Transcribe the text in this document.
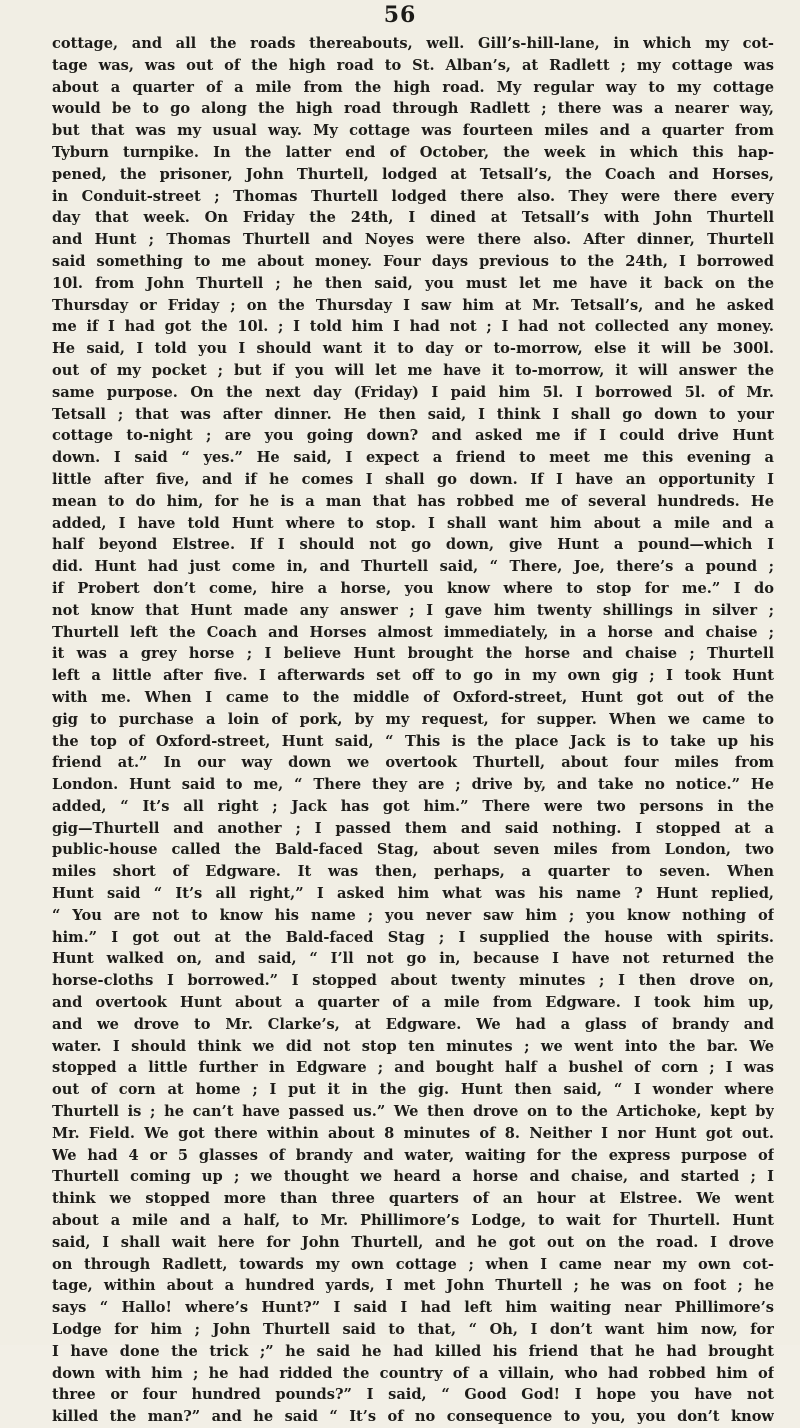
56
cottage, and all the roads thereabouts, well. Gill’s-hill-lane, in which my cot-
tage was, was out of the high road to St. Alban’s, at Radlett ; my cottage was
about a quarter of a mile from the high road. My regular way to my cottage
would be to go along the high road through Radlett ; there was a nearer way,
but that was my usual way. My cottage was fourteen miles and a quarter from
Tyburn turnpike. In the latter end of October, the week in which this hap-
pened, the prisoner, John Thurtell, lodged at Tetsall’s, the Coach and Horses,
in Conduit-street ; Thomas Thurtell lodged there also. They were there every
day that week. On Friday the 24th, I dined at Tetsall’s with John Thurtell
and Hunt ; Thomas Thurtell and Noyes were there also. After dinner, Thurtell
said something to me about money. Four days previous to the 24th, I borrowed
10l. from John Thurtell ; he then said, you must let me have it back on the
Thursday or Friday ; on the Thursday I saw him at Mr. Tetsall’s, and he asked
me if I had got the 10l. ; I told him I had not ; I had not collected any money.
He said, I told you I should want it to day or to-morrow, else it will be 300l.
out of my pocket ; but if you will let me have it to-morrow, it will answer the
same purpose. On the next day (Friday) I paid him 5l. I borrowed 5l. of Mr.
Tetsall ; that was after dinner. He then said, I think I shall go down to your
cottage to-night ; are you going down? and asked me if I could drive Hunt
down. I said “ yes.” He said, I expect a friend to meet me this evening a
little after five, and if he comes I shall go down. If I have an opportunity I
mean to do him, for he is a man that has robbed me of several hundreds. He
added, I have told Hunt where to stop. I shall want him about a mile and a
half beyond Elstree. If I should not go down, give Hunt a pound—which I
did. Hunt had just come in, and Thurtell said, “ There, Joe, there’s a pound ;
if Probert don’t come, hire a horse, you know where to stop for me.” I do
not know that Hunt made any answer ; I gave him twenty shillings in silver ;
Thurtell left the Coach and Horses almost immediately, in a horse and chaise ;
it was a grey horse ; I believe Hunt brought the horse and chaise ; Thurtell
left a little after five. I afterwards set off to go in my own gig ; I took Hunt
with me. When I came to the middle of Oxford-street, Hunt got out of the
gig to purchase a loin of pork, by my request, for supper. When we came to
the top of Oxford-street, Hunt said, “ This is the place Jack is to take up his
friend at.” In our way down we overtook Thurtell, about four miles from
London. Hunt said to me, “ There they are ; drive by, and take no notice.” He
added, “ It’s all right ; Jack has got him.” There were two persons in the
gig—Thurtell and another ; I passed them and said nothing. I stopped at a
public-house called the Bald-faced Stag, about seven miles from London, two
miles short of Edgware. It was then, perhaps, a quarter to seven. When
Hunt said “ It’s all right,” I asked him what was his name ? Hunt replied,
“ You are not to know his name ; you never saw him ; you know nothing of
him.” I got out at the Bald-faced Stag ; I supplied the house with spirits.
Hunt walked on, and said, “ I’ll not go in, because I have not returned the
horse-cloths I borrowed.” I stopped about twenty minutes ; I then drove on,
and overtook Hunt about a quarter of a mile from Edgware. I took him up,
and we drove to Mr. Clarke’s, at Edgware. We had a glass of brandy and
water. I should think we did not stop ten minutes ; we went into the bar. We
stopped a little further in Edgware ; and bought half a bushel of corn ; I was
out of corn at home ; I put it in the gig. Hunt then said, “ I wonder where
Thurtell is ; he can’t have passed us.” We then drove on to the Artichoke, kept by
Mr. Field. We got there within about 8 minutes of 8. Neither I nor Hunt got out.
We had 4 or 5 glasses of brandy and water, waiting for the express purpose of
Thurtell coming up ; we thought we heard a horse and chaise, and started ; I
think we stopped more than three quarters of an hour at Elstree. We went
about a mile and a half, to Mr. Phillimore’s Lodge, to wait for Thurtell. Hunt
said, I shall wait here for John Thurtell, and he got out on the road. I drove
on through Radlett, towards my own cottage ; when I came near my own cot-
tage, within about a hundred yards, I met John Thurtell ; he was on foot ; he
says “ Hallo! where’s Hunt?” I said I had left him waiting near Phillimore’s
Lodge for him ; John Thurtell said to that, “ Oh, I don’t want him now, for
I have done the trick ;” he said he had killed his friend that he had brought
down with him ; he had ridded the country of a villain, who had robbed him of
three or four hundred pounds?” I said, “ Good God! I hope you have not
killed the man?” and he said “ It’s of no consequence to you, you don’t know
